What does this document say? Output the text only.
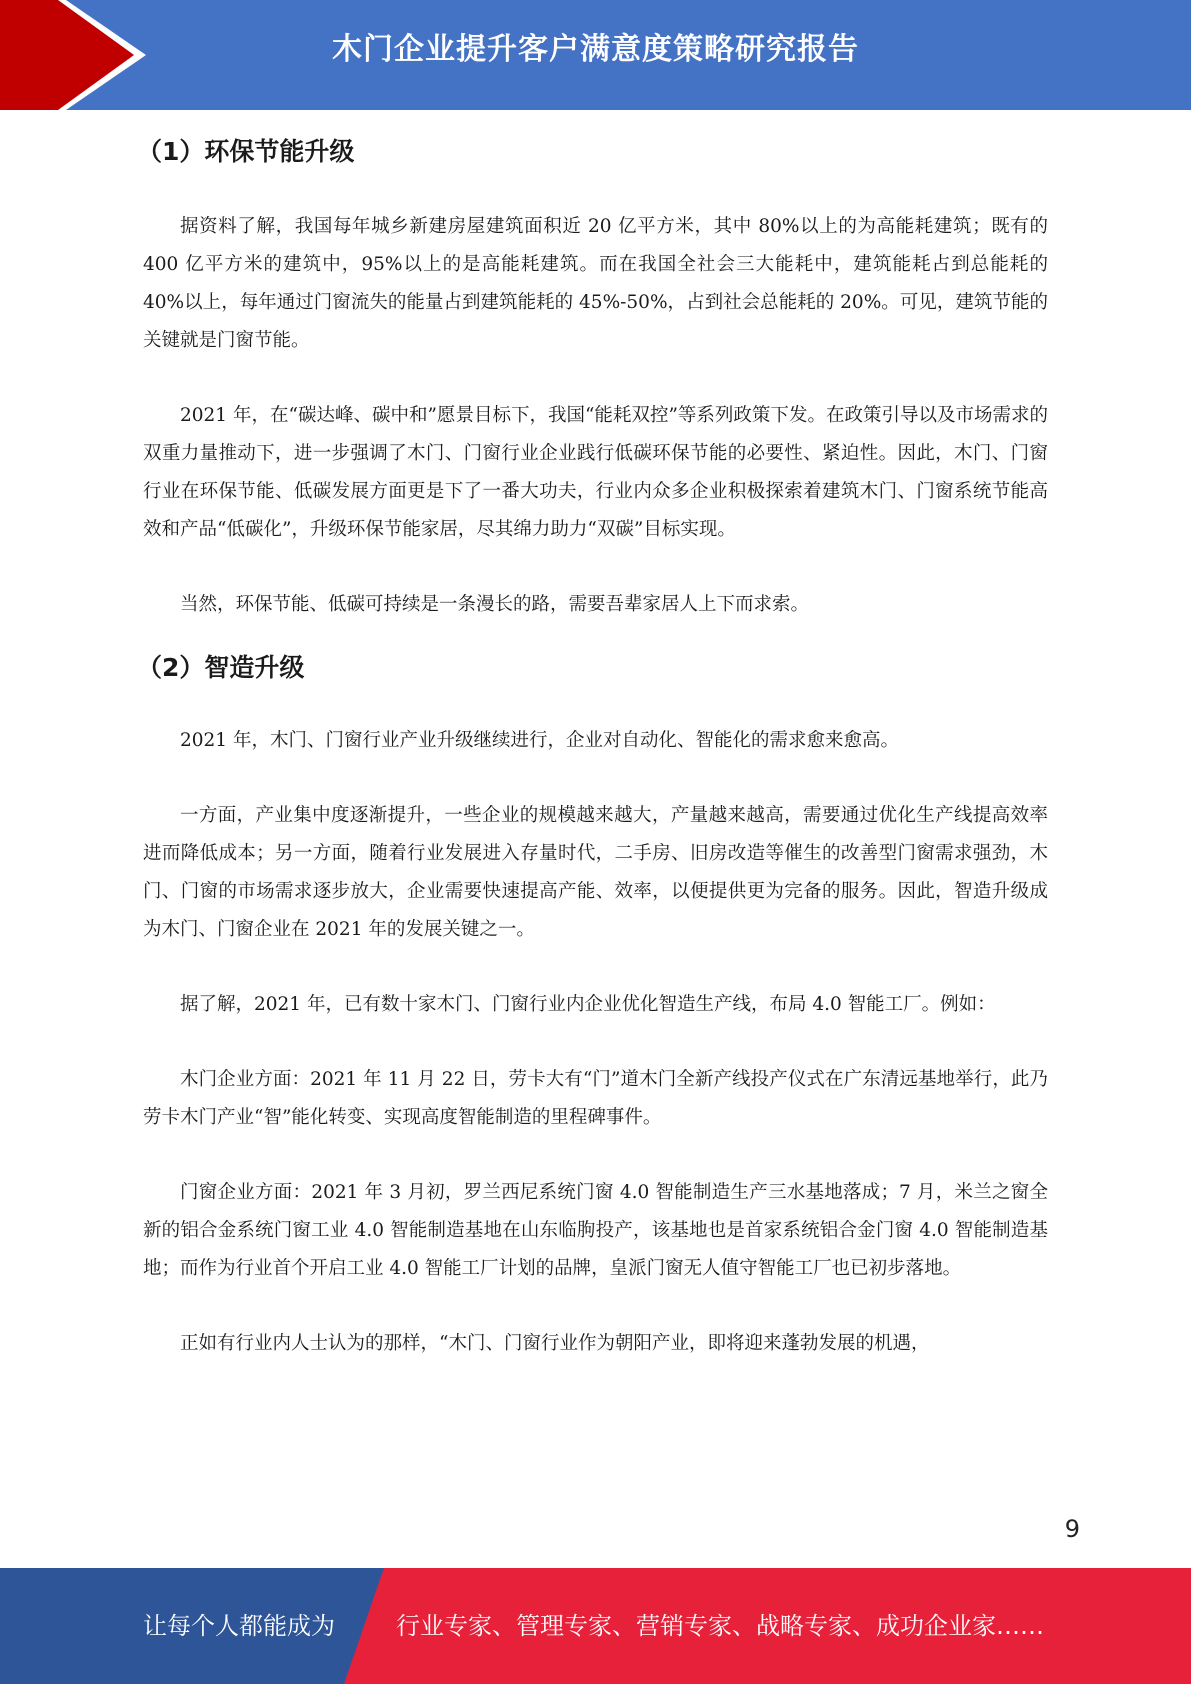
木门企业提升客户满意度策略研究报告
（1）环保节能升级

据资料了解，我国每年城乡新建房屋建筑面积近 20 亿平方米，其中 80%以上的为高能耗建筑；既有的 400 亿平方米的建筑中，95%以上的是高能耗建筑。而在我国全社会三大能耗中，建筑能耗占到总能耗的 40%以上，每年通过门窗流失的能量占到建筑能耗的 45%-50%，占到社会总能耗的 20%。可见，建筑节能的关键就是门窗节能。

2021 年，在“碳达峰、碳中和”愿景目标下，我国“能耗双控”等系列政策下发。在政策引导以及市场需求的双重力量推动下，进一步强调了木门、门窗行业企业践行低碳环保节能的必要性、紧迫性。因此，木门、门窗行业在环保节能、低碳发展方面更是下了一番大功夫，行业内众多企业积极探索着建筑木门、门窗系统节能高效和产品“低碳化”，升级环保节能家居，尽其绵力助力“双碳”目标实现。

当然，环保节能、低碳可持续是一条漫长的路，需要吾辈家居人上下而求索。

（2）智造升级

2021 年，木门、门窗行业产业升级继续进行，企业对自动化、智能化的需求愈来愈高。

一方面，产业集中度逐渐提升，一些企业的规模越来越大，产量越来越高，需要通过优化生产线提高效率进而降低成本；另一方面，随着行业发展进入存量时代，二手房、旧房改造等催生的改善型门窗需求强劲，木门、门窗的市场需求逐步放大，企业需要快速提高产能、效率，以便提供更为完备的服务。因此，智造升级成为木门、门窗企业在 2021 年的发展关键之一。

据了解，2021 年，已有数十家木门、门窗行业内企业优化智造生产线，布局 4.0 智能工厂。例如：

木门企业方面：2021 年 11 月 22 日，劳卡大有“门”道木门全新产线投产仪式在广东清远基地举行，此乃劳卡木门产业“智”能化转变、实现高度智能制造的里程碑事件。

门窗企业方面：2021 年 3 月初，罗兰西尼系统门窗 4.0 智能制造生产三水基地落成；7 月，米兰之窗全新的铝合金系统门窗工业 4.0 智能制造基地在山东临朐投产，该基地也是首家系统铝合金门窗 4.0 智能制造基地；而作为行业首个开启工业 4.0 智能工厂计划的品牌，皇派门窗无人值守智能工厂也已初步落地。

正如有行业内人士认为的那样，“木门、门窗行业作为朝阳产业，即将迎来蓬勃发展的机遇，

9
让每个人都能成为	行业专家、管理专家、营销专家、战略专家、成功企业家……
